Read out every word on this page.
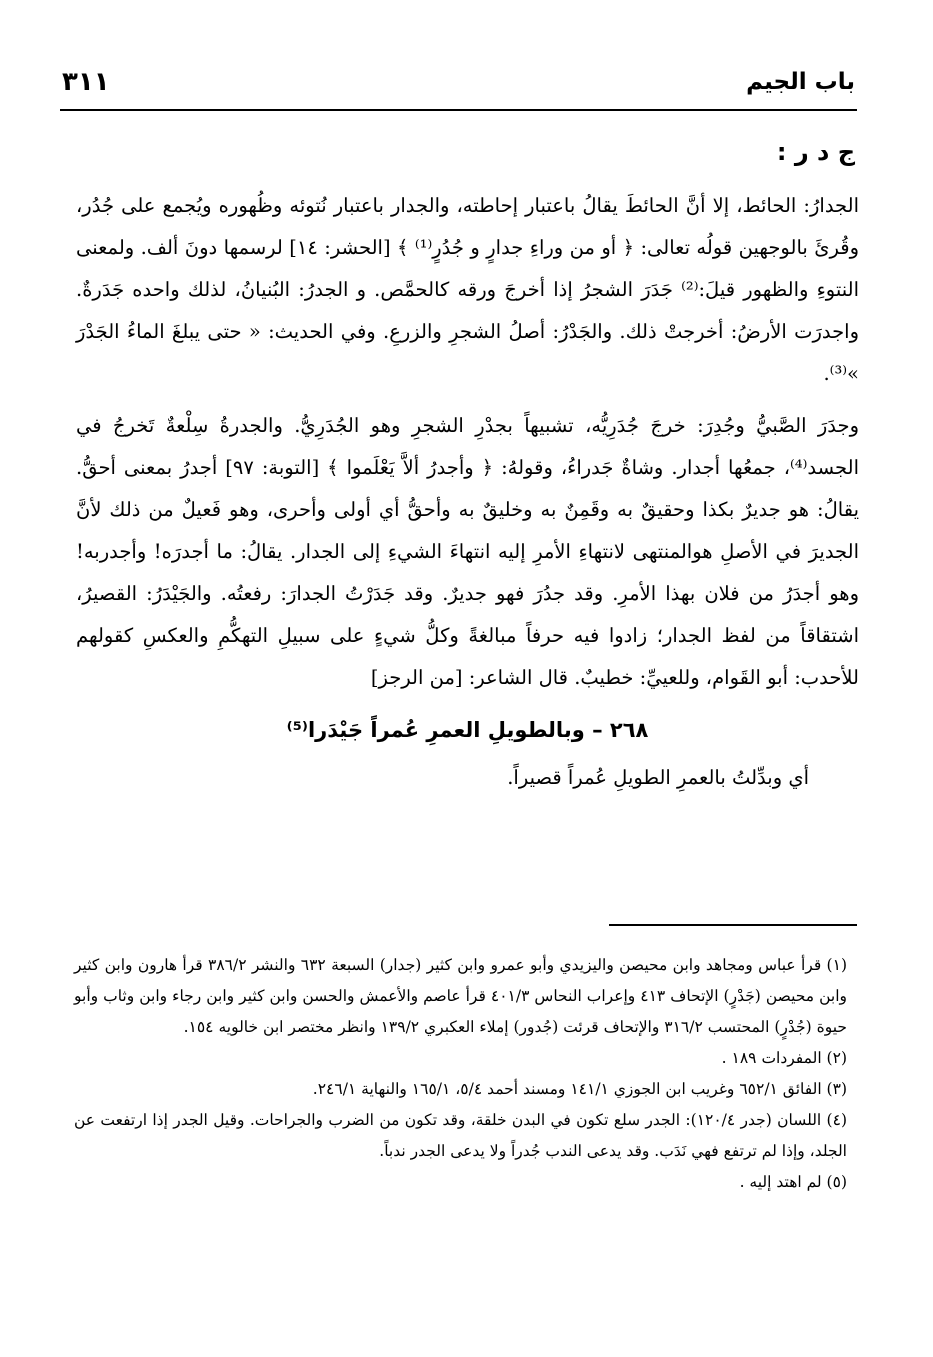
٣١١	باب الجيم
ج د ر :

الجدارُ: الحائط، إلا أنَّ الحائطَ يقالُ باعتبار إحاطته، والجدار باعتبار نُتوئه وظُهوره ويُجمع على جُدُر، وقُرئَ بالوجهين قولُه تعالى: ﴿ أو من وراءِ جدارٍ و جُدُرٍ⁽¹⁾ ﴾ [الحشر: ١٤] لرسمها دونَ ألف. ولمعنى النتوءِ والظهور قيلَ:⁽²⁾ جَدَرَ الشجرُ إذا أخرجَ ورقه كالحمَّص. و الجدرُ: البُنيانُ، لذلك واحده جَدَرةٌ. واجدرَت الأرضُ: أخرجتْ ذلك. والجَدْرُ: أصلُ الشجرِ والزرعِ. وفي الحديث: « حتى يبلغَ الماءُ الجَدْرَ »⁽³⁾.

وجدَرَ الصَّبيُّ وجُدِرَ: خرجَ جُدَرِيُّه، تشبيهاً بجدْرِ الشجرِ وهو الجُدَرِيُّ. والجدرةُ سِلْعةٌ تَخرجُ في الجسد⁽⁴⁾، جمعُها أجدار. وشاةٌ جَدراءُ، وقولهُ: ﴿ وأجدرُ ألاَّ يَعْلَموا ﴾ [التوبة: ٩٧] أجدرُ بمعنى أحقُّ. يقالُ: هو جديرٌ بكذا وحقيقٌ به وقَمِنٌ به وخليقٌ به وأحقُّ أي أولى وأحرى، وهو فَعيلٌ من ذلك لأنَّ الجديرَ في الأصلِ هوالمنتهى لانتهاءِ الأمرِ إليه انتهاءَ الشيءِ إلى الجدار. يقالُ: ما أجدرَه! وأجدربه! وهو أجدَرُ من فلان بهذا الأمرِ. وقد جدُرَ فهو جديرٌ. وقد جَدَرْتُ الجدارَ: رفعتُه. والجَيْدَرُ: القصيرُ، اشتقاقاً من لفظ الجدار؛ زادوا فيه حرفاً مبالغةً وكلُّ شيءٍ على سبيلِ التهكُّمِ والعكسِ كقولهم للأحدب: أبو القَوام، وللعييِّ: خطيبٌ. قال الشاعر: [من الرجز]

٢٦٨ – وبالطويلِ العمرِ عُمراً جَيْدَرا⁽⁵⁾

أي وبدِّلتُ بالعمرِ الطويلِ عُمراً قصيراً.

(١) قرأ عباس ومجاهد وابن محيصن واليزيدي وأبو عمرو وابن كثير (جدار) السبعة ٦٣٢ والنشر ٣٨٦/٢ قرأ هارون وابن كثير وابن محيصن (جَدْرٍ) الإتحاف ٤١٣ وإعراب النحاس ٤٠١/٣ قرأ عاصم والأعمش والحسن وابن كثير وابن رجاء وابن وثاب وأبو حيوة (جُدْرٍ) المحتسب ٣١٦/٢ والإتحاف قرئت (جُدور) إملاء العكبري ١٣٩/٢ وانظر مختصر ابن خالويه ١٥٤.

(٢) المفردات ١٨٩ .

(٣) الفائق ٦٥٢/١ وغريب ابن الجوزي ١٤١/١ ومسند أحمد ٥/٤، ١٦٥/١ والنهاية ٢٤٦/١.

(٤) اللسان (جدر ١٢٠/٤): الجدر سلع تكون في البدن خلقة، وقد تكون من الضرب والجراحات. وقيل الجدر إذا ارتفعت عن الجلد، وإذا لم ترتفع فهي نَدَب. وقد يدعى الندب جُدراً ولا يدعى الجدر ندباً.

(٥) لم اهتد إليه .
